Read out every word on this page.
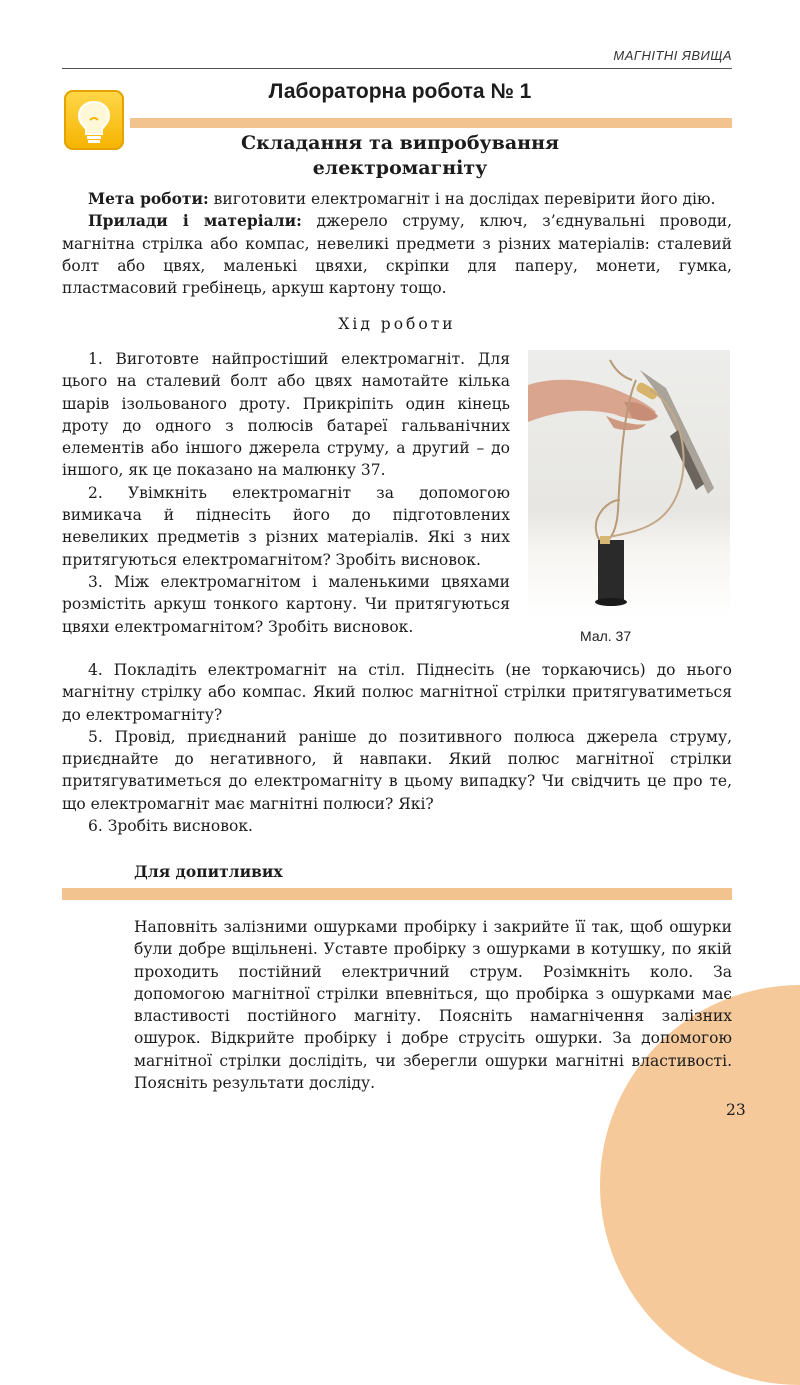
МАГНІТНІ ЯВИЩА
Лабораторна робота № 1
Складання та випробування
електромагніту

Мета роботи: виготовити електромагніт і на дослідах перевірити його дію.

Прилади і матеріали: джерело струму, ключ, з’єднувальні проводи, магнітна стрілка або компас, невеликі предмети з різних матеріалів: сталевий болт або цвях, маленькі цвяхи, скріпки для паперу, монети, гумка, пластмасовий гребінець, аркуш картону тощо.

Хід роботи

1. Виготовте найпростіший електромагніт. Для цього на сталевий болт або цвях намотайте кілька шарів ізольованого дроту. Прикріпіть один кінець дроту до одного з полюсів батареї гальванічних елементів або іншого джерела струму, а другий – до іншого, як це показано на малюнку 37.

2. Увімкніть електромагніт за допомогою вимикача й піднесіть його до підготовлених невеликих предметів з різних матеріалів. Які з них притягуються електромагнітом? Зробіть висновок.

3. Між електромагнітом і маленькими цвяхами розмістіть аркуш тонкого картону. Чи притягуються цвяхи електромагнітом? Зробіть висновок.

Мал. 37

4. Покладіть електромагніт на стіл. Піднесіть (не торкаючись) до нього магнітну стрілку або компас. Який полюс магнітної стрілки притягуватиметься до електромагніту?

5. Провід, приєднаний раніше до позитивного полюса джерела струму, приєднайте до негативного, й навпаки. Який полюс магнітної стрілки притягуватиметься до електромагніту в цьому випадку? Чи свідчить це про те, що електромагніт має магнітні полюси? Які?

6. Зробіть висновок.

Для допитливих

Наповніть залізними ошурками пробірку і закрийте її так, щоб ошурки були добре вщільнені. Уставте пробірку з ошурками в котушку, по якій проходить постійний електричний струм. Розімкніть коло. За допомогою магнітної стрілки впевніться, що пробірка з ошурками має властивості постійного магніту. Поясніть намагнічення залізних ошурок. Відкрийте пробірку і добре струсіть ошурки. За допомогою магнітної стрілки дослідіть, чи зберегли ошурки магнітні властивості. Поясніть результати досліду.

23
